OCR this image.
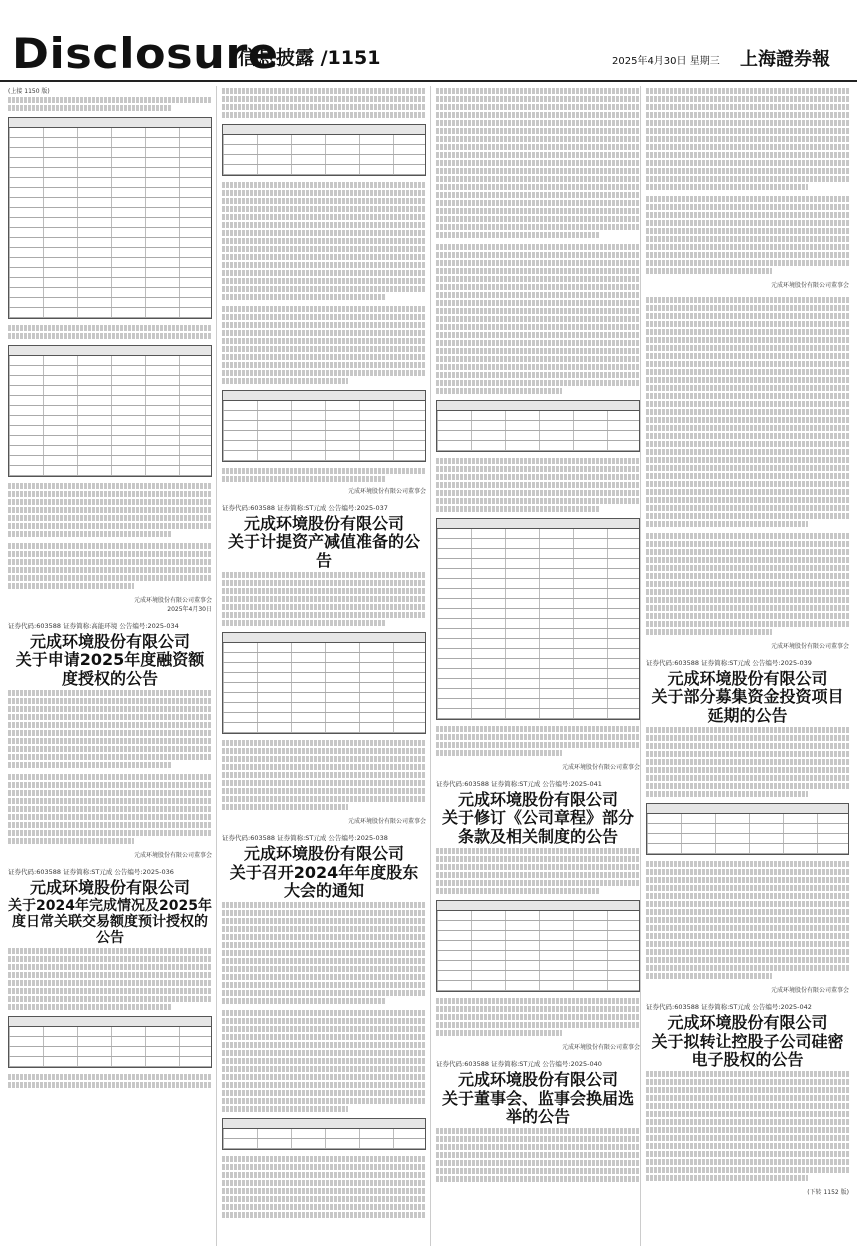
Disclosure
信息披露 /1151	2025年4月30日 星期三 上海證券報
(上接 1150 版)
元成环境股份有限公司董事会
2025年4月30日
证券代码:603588 证券简称:高能环境 公告编号:2025-034
元成环境股份有限公司
关于申请2025年度融资额度授权的公告
元成环境股份有限公司董事会
证券代码:603588 证券简称:ST元成 公告编号:2025-036
元成环境股份有限公司
关于2024年完成情况及2025年度日常关联交易额度预计授权的公告
元成环境股份有限公司董事会
证券代码:603588 证券简称:ST元成 公告编号:2025-037
元成环境股份有限公司
关于计提资产减值准备的公告
元成环境股份有限公司董事会
证券代码:603588 证券简称:ST元成 公告编号:2025-038
元成环境股份有限公司
关于召开2024年年度股东大会的通知
元成环境股份有限公司董事会
证券代码:603588 证券简称:ST元成 公告编号:2025-041
元成环境股份有限公司
关于修订《公司章程》部分条款及相关制度的公告
元成环境股份有限公司董事会
证券代码:603588 证券简称:ST元成 公告编号:2025-040
元成环境股份有限公司
关于董事会、监事会换届选举的公告
元成环境股份有限公司董事会
元成环境股份有限公司董事会
证券代码:603588 证券简称:ST元成 公告编号:2025-039
元成环境股份有限公司
关于部分募集资金投资项目延期的公告
元成环境股份有限公司董事会
证券代码:603588 证券简称:ST元成 公告编号:2025-042
元成环境股份有限公司
关于拟转让控股子公司硅密电子股权的公告
(下转 1152 版)
